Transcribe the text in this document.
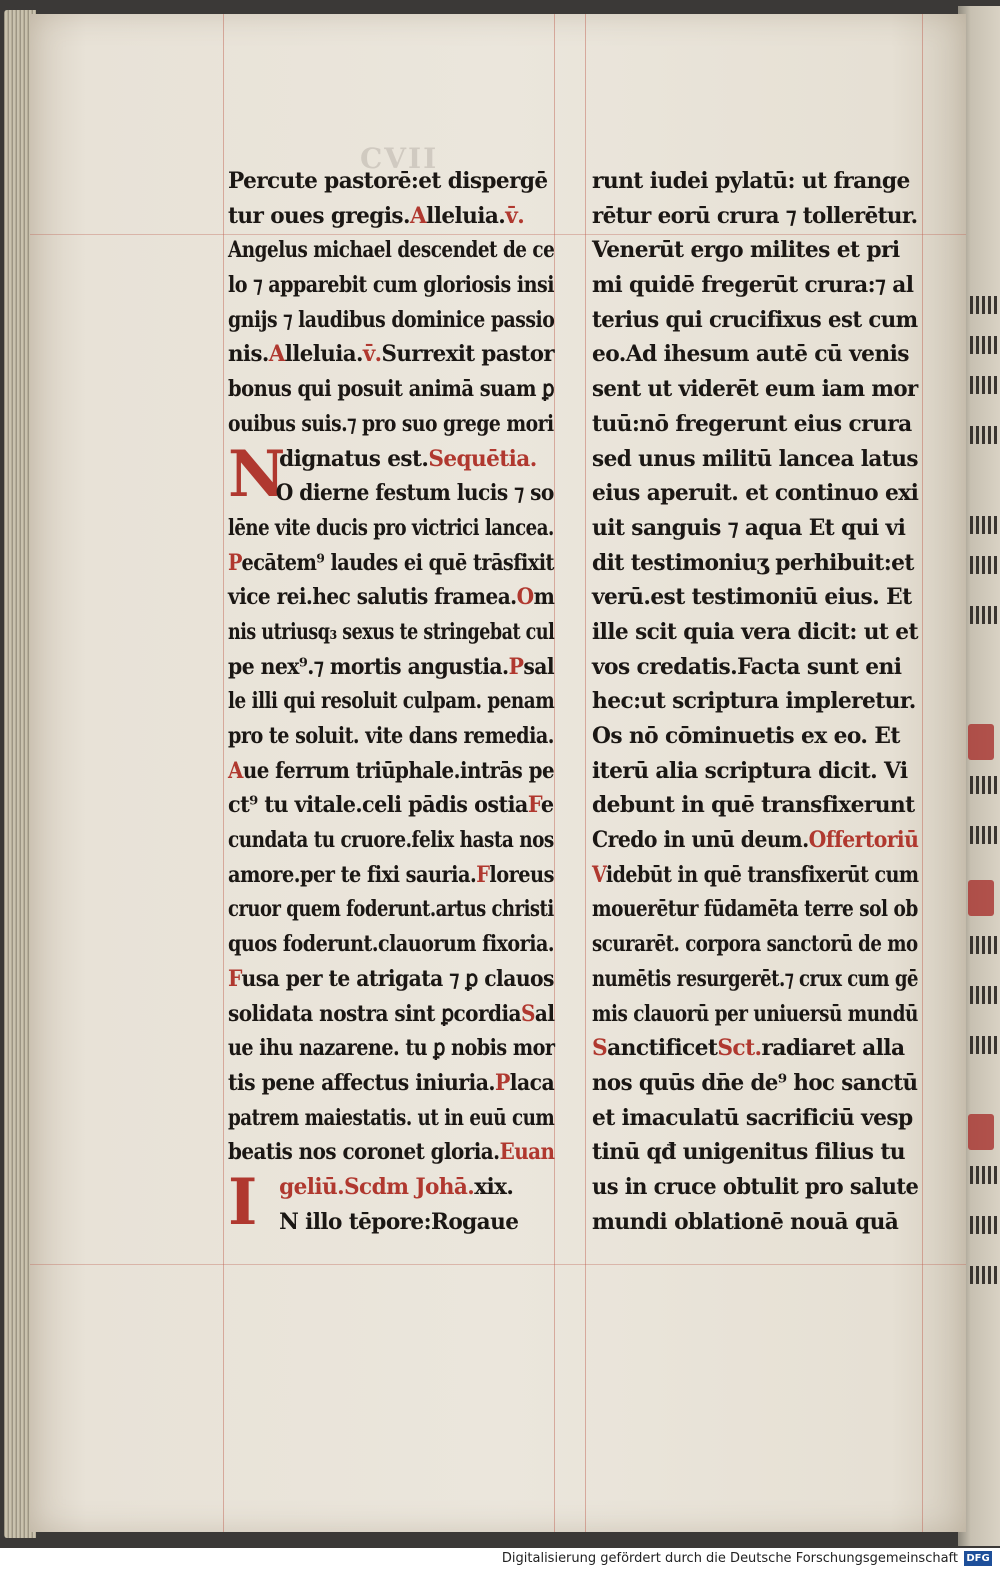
CVII
Percute pastorē:et dispergē
tur oues gregis.Alleluia.v̄.
Angelus michael descendet de ce
lo ⁊ apparebit cum gloriosis insi
gnijs ⁊ laudibus dominice passio
nis.Alleluia.v̄.Surrexit pastor
bonus qui posuit animā suam ꝑ
ouibus suis.⁊ pro suo grege mori
N
dignatus est.Sequētia.
O dierne festum lucis ⁊ so
lēne vite ducis pro victrici lancea.
Pecātem⁹ laudes ei quē trāsfixit
vice rei.hec salutis framea.Om
nis utriusq₃ sexus te stringebat cul
pe nex⁹.⁊ mortis angustia.Psal
le illi qui resoluit culpam. penam
pro te soluit. vite dans remedia.
Aue ferrum triūphale.intrās pe
ct⁹ tu vitale.celi pādis ostiaFe
cundata tu cruore.felix hasta nos
amore.per te fixi sauria.Floreus
cruor quem foderunt.artus christi
quos foderunt.clauorum fixoria.
Fusa per te atrigata ⁊ ꝑ clauos
solidata nostra sint ꝑcordiaSal
ue ihu nazarene. tu ꝑ nobis mor
tis pene affectus iniuria.Placa
patrem maiestatis. ut in euū cum
beatis nos coronet gloria.Euan
I	geliū.Scdm Johā.xix.
N illo tēpore:Rogaue
runt iudei pylatū: ut frange
rētur eorū crura ⁊ tollerētur.
Venerūt ergo milites et pri
mi quidē fregerūt crura:⁊ al
terius qui crucifixus est cum
eo.Ad ihesum autē cū venis
sent ut viderēt eum iam mor
tuū:nō fregerunt eius crura
sed unus militū lancea latus
eius aperuit. et continuo exi
uit sanguis ⁊ aqua Et qui vi
dit testimoniuʒ perhibuit:et
verū.est testimoniū eius. Et
ille scit quia vera dicit: ut et
vos credatis.Facta sunt eni
hec:ut scriptura impleretur.
Os nō cōminuetis ex eo. Et
iterū alia scriptura dicit. Vi
debunt in quē transfixerunt
Credo in unū deum.Offertoriū
Videbūt in quē transfixerūt cum
mouerētur fūdamēta terre sol ob
scurarēt. corpora sanctorū de mo
numētis resurgerēt.⁊ crux cum gē
mis clauorū per uniuersū mundū
SanctificetSct.radiaret alla
nos quūs dn̄e de⁹ hoc sanctū
et imaculatū sacrificiū vesp
tinū qđ unigenitus filius tu
us in cruce obtulit pro salute
mundi oblationē nouā quā
Digitalisierung gefördert durch die Deutsche Forschungsgemeinschaft DFG
